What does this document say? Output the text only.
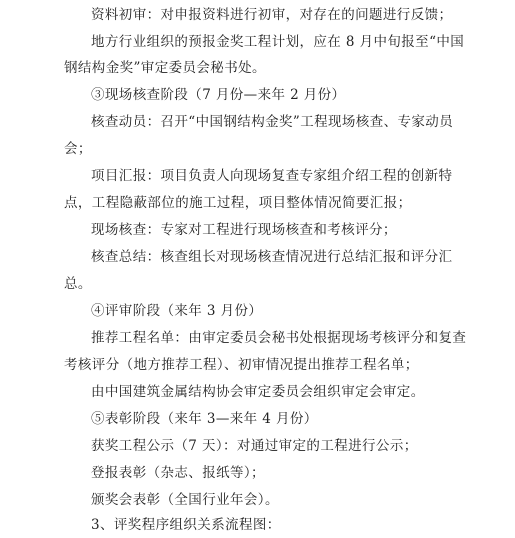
资料初审：对申报资料进行初审，对存在的问题进行反馈；
地方行业组织的预报金奖工程计划，应在 8 月中旬报至“中国
钢结构金奖”审定委员会秘书处。
③现场核查阶段（7 月份—来年 2 月份）
核查动员：召开“中国钢结构金奖”工程现场核查、专家动员
会；
项目汇报：项目负责人向现场复查专家组介绍工程的创新特
点，工程隐蔽部位的施工过程，项目整体情况简要汇报；
现场核查：专家对工程进行现场核查和考核评分；
核查总结：核查组长对现场核查情况进行总结汇报和评分汇
总。
④评审阶段（来年 3 月份）
推荐工程名单：由审定委员会秘书处根据现场考核评分和复查
考核评分（地方推荐工程）、初审情况提出推荐工程名单；
由中国建筑金属结构协会审定委员会组织审定会审定。
⑤表彰阶段（来年 3—来年 4 月份）
获奖工程公示（7 天）：对通过审定的工程进行公示；
登报表彰（杂志、报纸等）；
颁奖会表彰（全国行业年会）。
3、评奖程序组织关系流程图：
